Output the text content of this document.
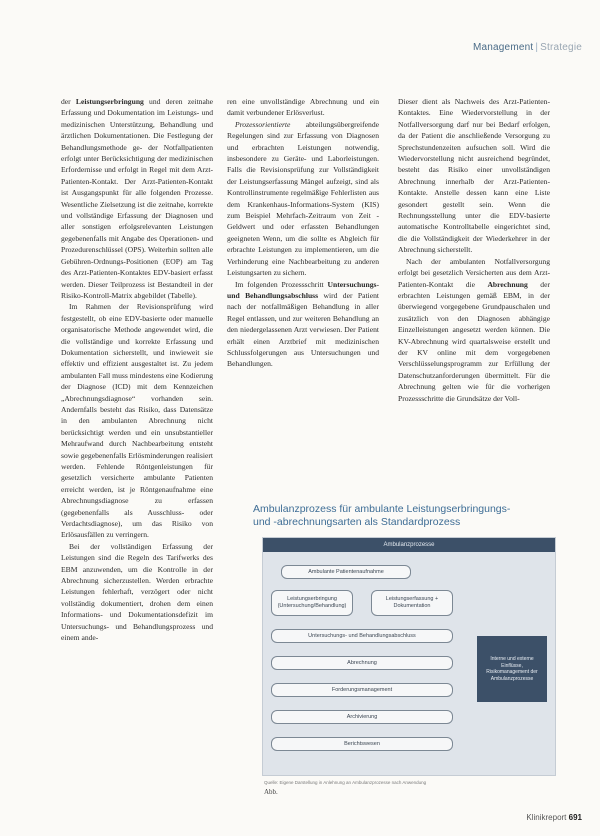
Management | Strategie

der Leistungserbringung und deren zeitnahe Erfassung und Dokumentation im Leistungs- und medizinischen Unterstützung, Behandlung und ärztlichen Dokumentationen. Die Festlegung der Behandlungsmethode ge- der Notfallpatienten erfolgt unter Berücksichtigung der medizinischen Erfordernisse und erfolgt in Regel mit dem Arzt-Patienten-Kontakt. Der Arzt-Patienten-Kontakt ist Ausgangspunkt für alle folgenden Prozesse. Wesentliche Zielsetzung ist die zeitnahe, korrekte und vollständige Erfassung der Diagnosen und aller sonstigen erfolgsrelevanten Leistungen gegebenenfalls mit Angabe des Operationen- und Prozedurenschlüssel (OPS). Weiterhin sollten alle Gebühren-Ordnungs-Positionen (EOP) am Tag des Arzt-Patienten-Kontaktes EDV-basiert erfasst werden. Dieser Teilprozess ist Bestandteil in der Risiko-Kontroll-Matrix abgebildet (Tabelle).

Im Rahmen der Revisionsprüfung wird festgestellt, ob eine EDV-basierte oder manuelle organisatorische Methode angewendet wird, die die vollständige und korrekte Erfassung und Dokumentation sicherstellt, und inwieweit sie effektiv und effizient ausgestaltet ist. Zu jedem ambulanten Fall muss mindestens eine Kodierung der Diagnose (ICD) mit dem Kennzeichen „Abrechnungsdiagnose“ vorhanden sein. Andernfalls besteht das Risiko, dass Datensätze in den ambulanten Abrechnung nicht berücksichtigt werden und ein unsubstantieller Mehraufwand durch Nachbearbeitung entsteht sowie gegebenenfalls Erlösminderungen realisiert werden. Fehlende Röntgenleistungen für gesetzlich versicherte ambulante Patienten erreicht werden, ist je Röntgenaufnahme eine Abrechnungsdiagnose zu erfassen (gegebenenfalls als Ausschluss- oder Verdachtsdiagnose), um das Risiko von Erlösausfällen zu verringern.

Bei der vollständigen Erfassung der Leistungen sind die Regeln des Tarifwerks des EBM anzuwenden, um die Kontrolle in der Abrechnung sicherzustellen. Werden erbrachte Leistungen fehlerhaft, verzögert oder nicht vollständig dokumentiert, drohen dem einen Informations- und Dokumentationsdefizit im Untersuchungs- und Behandlungsprozess und einem ande-

ren eine unvollständige Abrechnung und ein damit verbundener Erlösverlust.

Prozessorientierte abteilungsübergreifende Regelungen sind zur Erfassung von Diagnosen und erbrachten Leistungen notwendig, insbesondere zu Geräte- und Laborleistungen. Falls die Revisionsprüfung zur Vollständigkeit der Leistungserfassung Mängel aufzeigt, sind als Kontrollinstrumente regelmäßige Fehlerlisten aus dem Krankenhaus-Informations-System (KIS) zum Beispiel Mehrfach-Zeitraum von Zeit - Geldwert und oder erfassten Behandlungen geeigneten Wenn, um die sollte es Abgleich für erbrachte Leistungen zu implementieren, um die Verhinderung eine Nachbearbeitung zu anderen Leistungsarten zu sichern.

Im folgenden Prozessschritt Untersuchungs- und Behandlungsabschluss wird der Patient nach der notfallmäßigen Behandlung in aller Regel entlassen, und zur weiteren Behandlung an den niedergelassenen Arzt verwiesen. Der Patient erhält einen Arztbrief mit medizinischen Schlussfolgerungen aus Untersuchungen und Behandlungen.

Dieser dient als Nachweis des Arzt-Patienten-Kontaktes. Eine Wiedervorstellung in der Notfallversorgung darf nur bei Bedarf erfolgen, da der Patient die anschließende Versorgung zu Sprechstundenzeiten aufsuchen soll. Wird die Wiedervorstellung nicht ausreichend begründet, besteht das Risiko einer unvollständigen Abrechnung innerhalb der Arzt-Patienten-Kontakte. Anstelle dessen kann eine Liste gesondert gestellt sein. Wenn die Rechnungsstellung unter die EDV-basierte automatische Kontrolltabelle eingerichtet sind, die die Vollständigkeit der Wiederkehrer in der Abrechnung sicherstellt.

Nach der ambulanten Notfallversorgung erfolgt bei gesetzlich Versicherten aus dem Arzt-Patienten-Kontakt die Abrechnung der erbrachten Leistungen gemäß EBM, in der überwiegend vorgegebene Grundpauschalen und zusätzlich von den Diagnosen abhängige Einzelleistungen angesetzt werden können. Die KV-Abrechnung wird quartalsweise erstellt und der KV online mit dem vorgegebenen Verschlüsselungsprogramm zur Erfüllung der Datenschutzanforderungen übermittelt. Für die Abrechnung gelten wie für die vorherigen Prozessschritte die Grundsätze der Voll-

Ambulanzprozess für ambulante Leistungserbringungs-
und -abrechnungsarten als Standardprozess
Ambulanzprozesse
Ambulante Patientenaufnahme
Leistungserbringung (Untersuchung/Behandlung)
Leistungserfassung + Dokumentation
Untersuchungs- und Behandlungsabschluss
Abrechnung
Forderungsmanagement
Archivierung
Berichtswesen
Interne und externe Einflüsse, Risikomanagement der Ambulanzprozesse
Quelle: Eigene Darstellung in Anlehnung an Ambulanzprozesse nach Anwendung
Abb.
Klinikreport 691
